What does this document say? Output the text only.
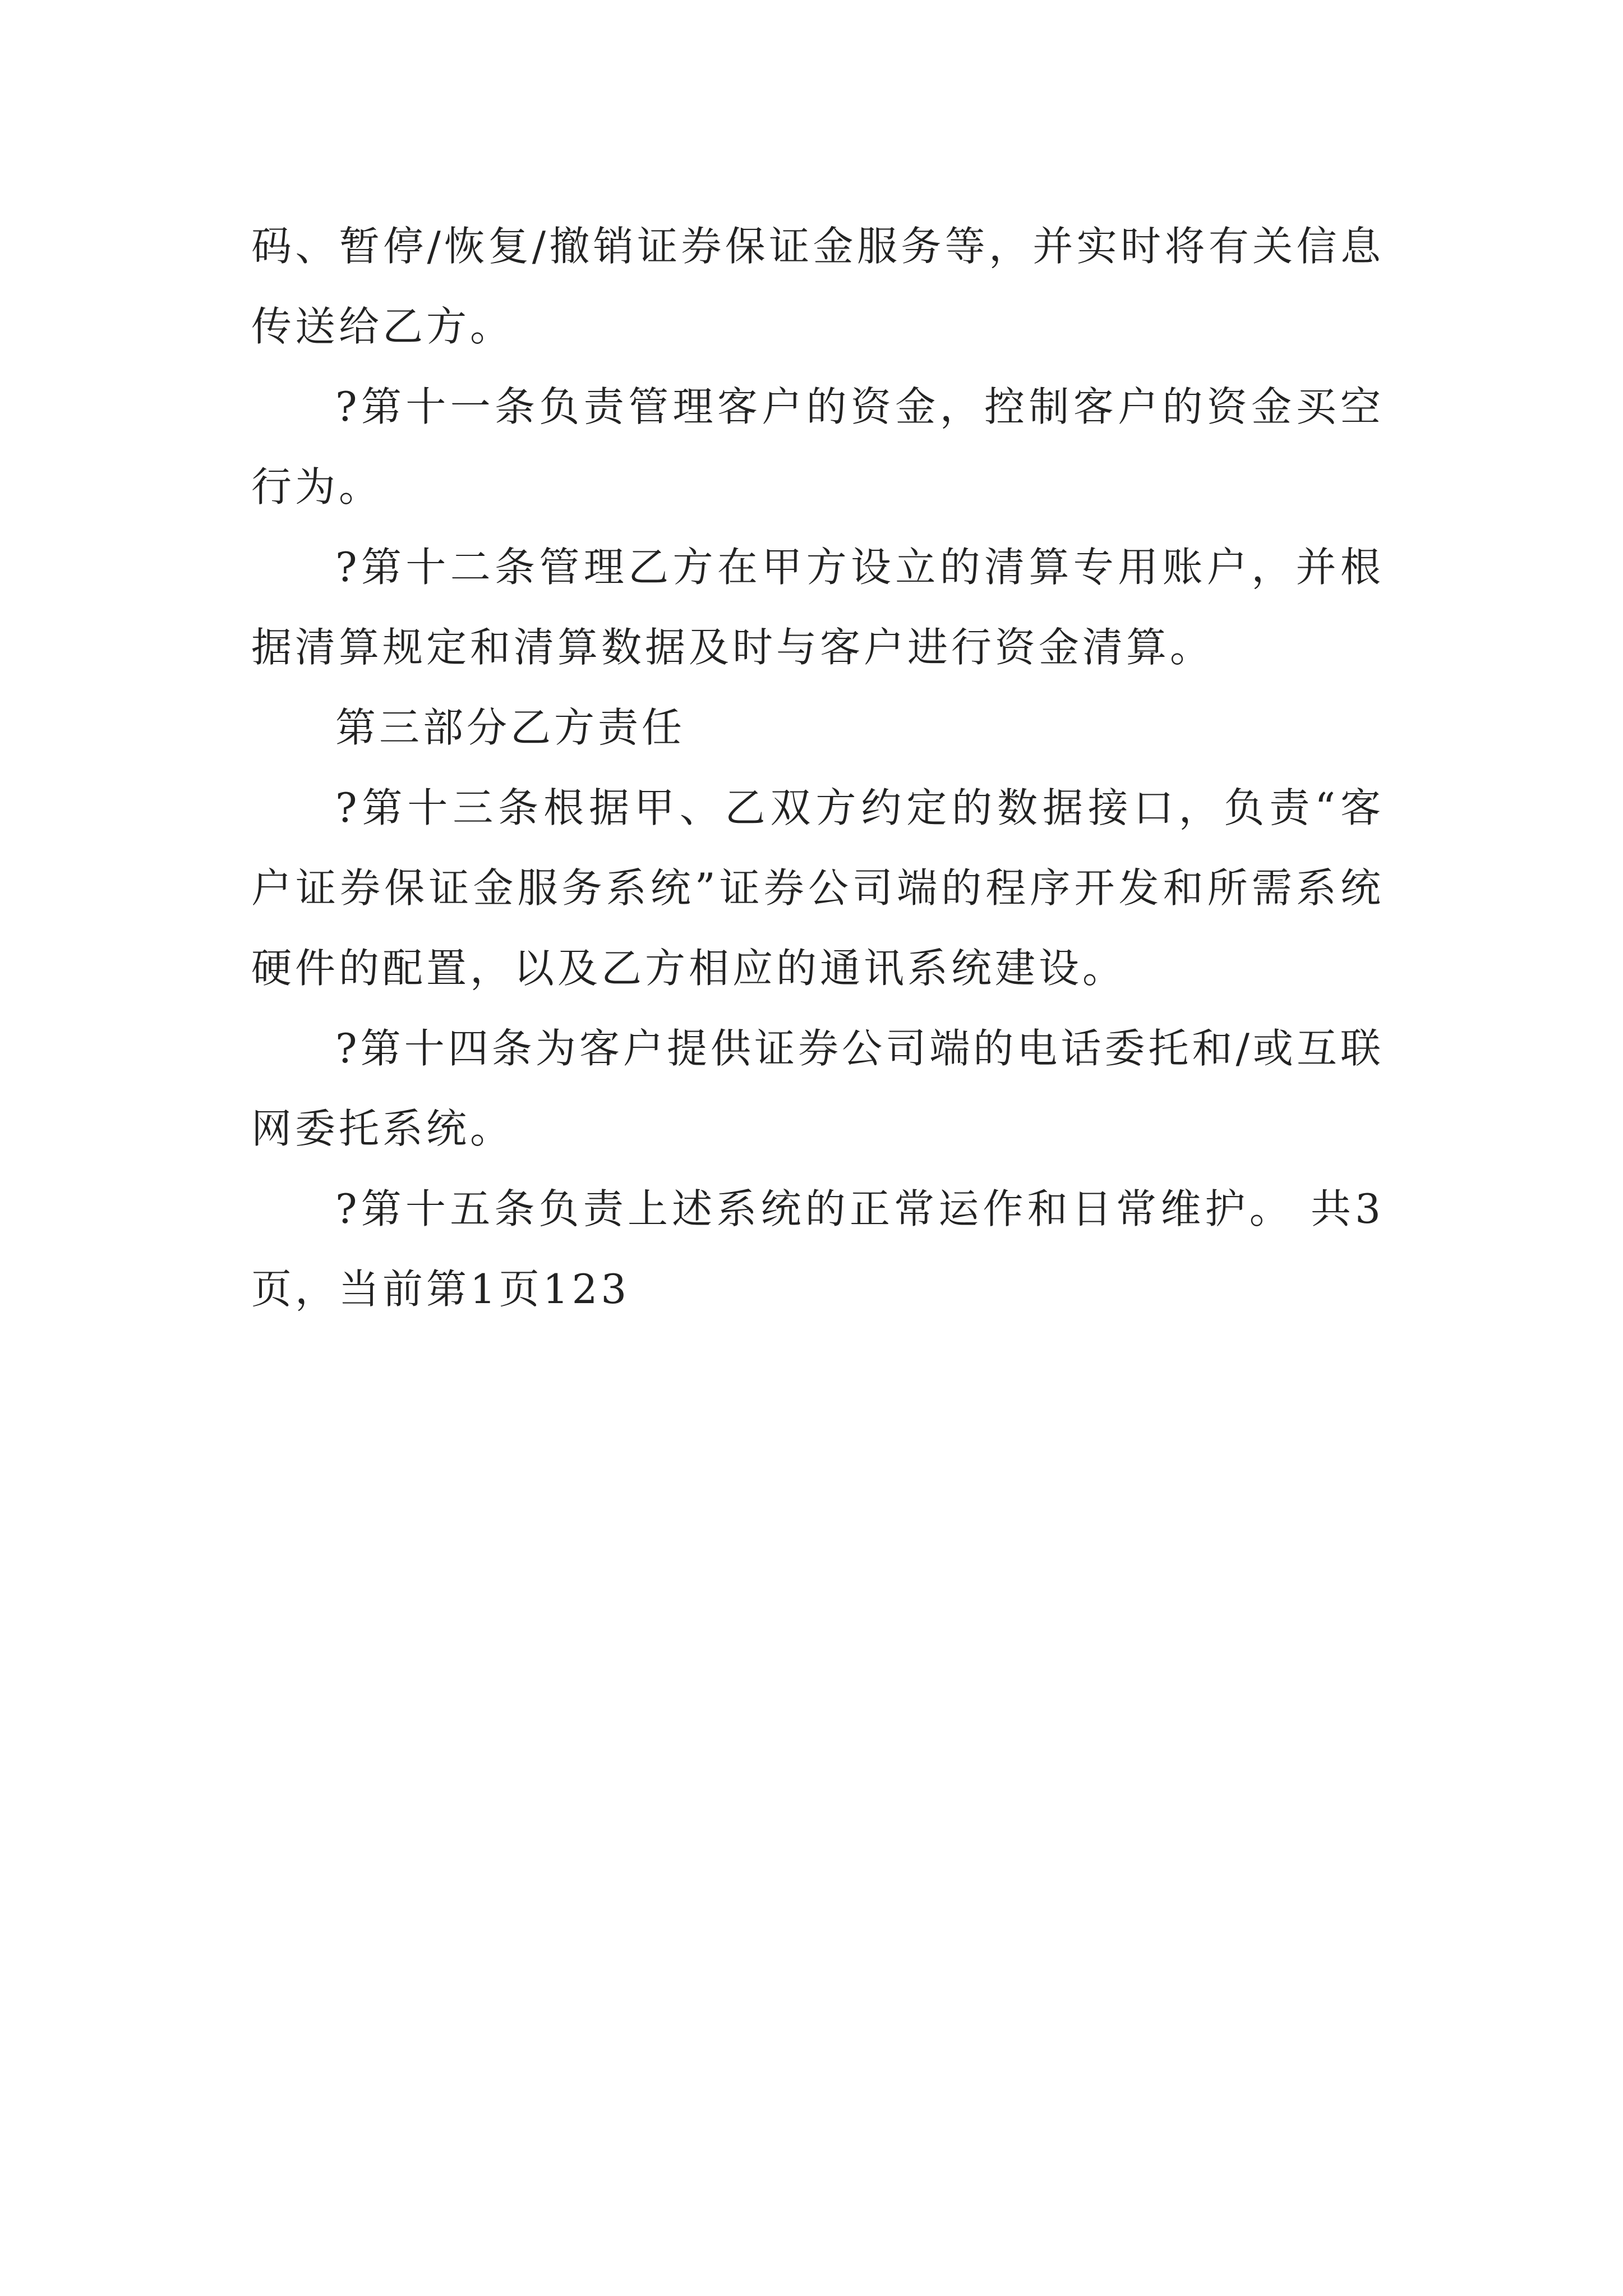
码、暂停/恢复/撤销证券保证金服务等，并实时将有关信息传送给乙方。

?第十一条负责管理客户的资金，控制客户的资金买空行为。

?第十二条管理乙方在甲方设立的清算专用账户，并根据清算规定和清算数据及时与客户进行资金清算。

第三部分乙方责任

?第十三条根据甲、乙双方约定的数据接口，负责“客户证券保证金服务系统”证券公司端的程序开发和所需系统硬件的配置，以及乙方相应的通讯系统建设。

?第十四条为客户提供证券公司端的电话委托和/或互联网委托系统。

?第十五条负责上述系统的正常运作和日常维护。 共3页，当前第1页123
